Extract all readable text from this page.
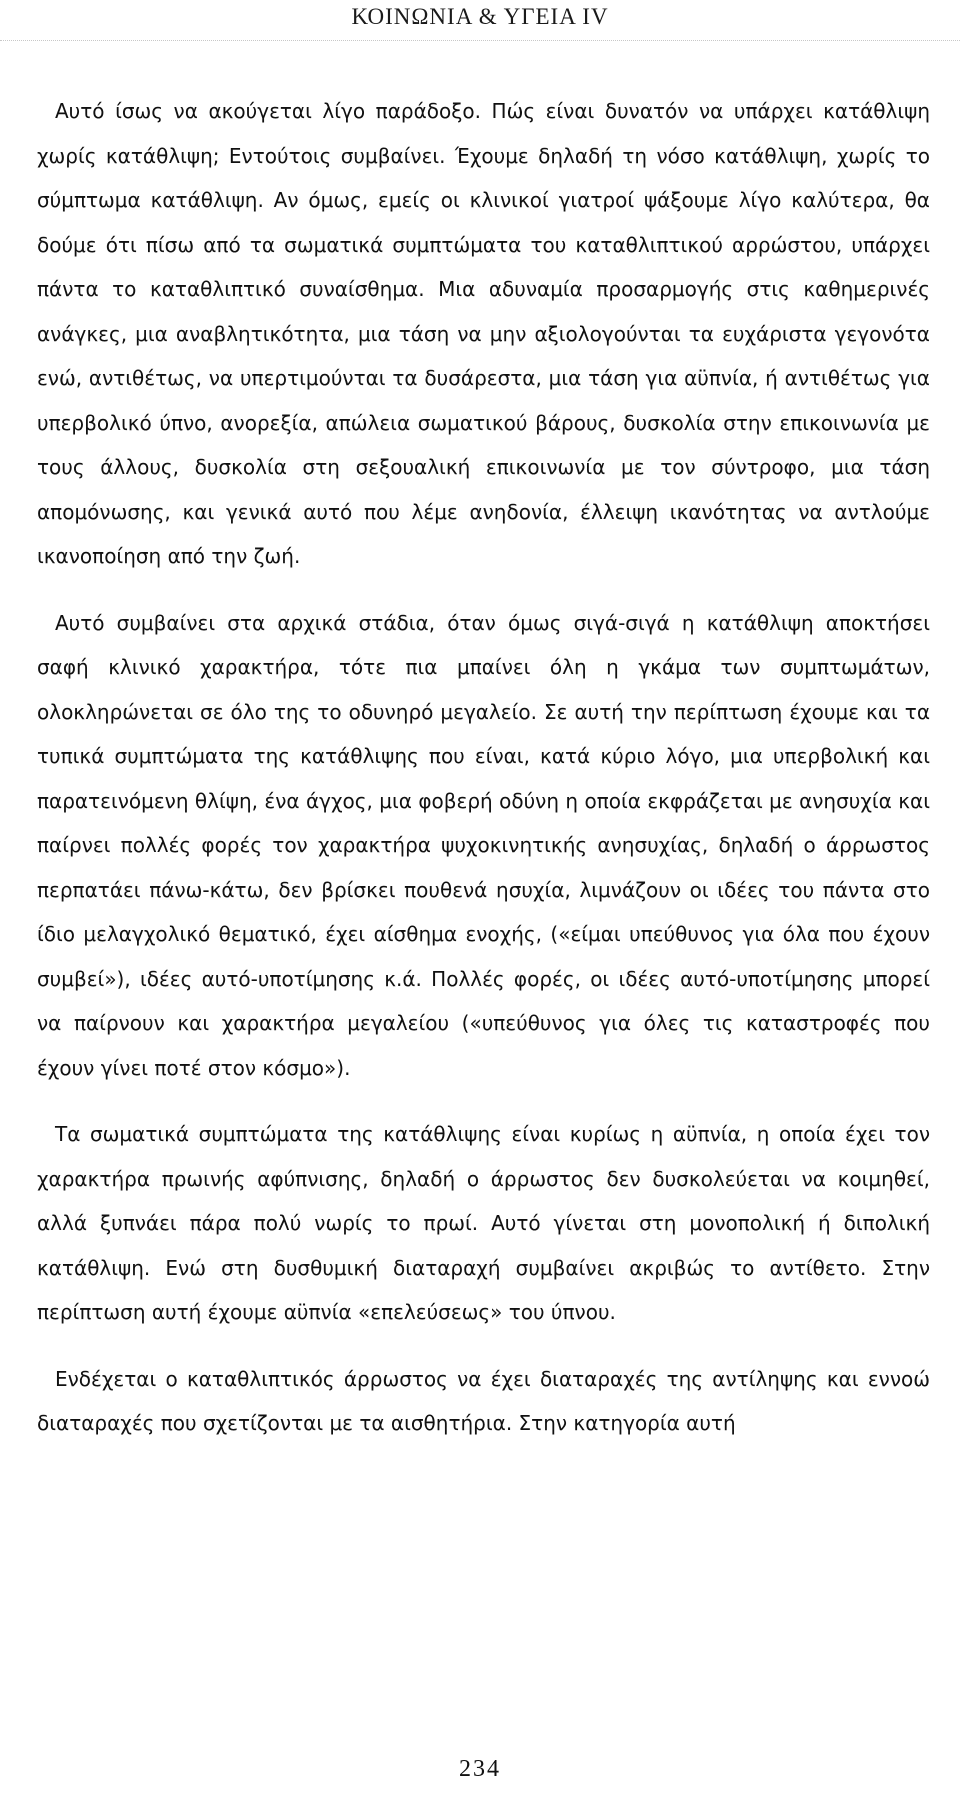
ΚΟΙΝΩΝΙΑ & ΥΓΕΙΑ IV

Αυτό ίσως να ακούγεται λίγο παράδοξο. Πώς είναι δυνατόν να υπάρχει κατάθλιψη χωρίς κατάθλιψη; Εντούτοις συμβαίνει. Έχουμε δηλαδή τη νόσο κατάθλιψη, χωρίς το σύμπτωμα κατάθλιψη. Αν όμως, εμείς οι κλινικοί γιατροί ψάξουμε λίγο καλύτερα, θα δούμε ότι πίσω από τα σωματικά συμπτώματα του καταθλιπτικού αρρώστου, υπάρχει πάντα το καταθλιπτικό συναίσθημα. Μια αδυναμία προσαρμογής στις καθημερινές ανάγκες, μια αναβλητικότητα, μια τάση να μην αξιολογούνται τα ευχάριστα γεγονότα ενώ, αντιθέτως, να υπερτιμούνται τα δυσάρεστα, μια τάση για αϋπνία, ή αντιθέτως για υπερβολικό ύπνο, ανορεξία, απώλεια σωματικού βάρους, δυσκολία στην επικοινωνία με τους άλλους, δυσκολία στη σεξουαλική επικοινωνία με τον σύντροφο, μια τάση απομόνωσης, και γενικά αυτό που λέμε ανηδονία, έλλειψη ικανότητας να αντλούμε ικανοποίηση από την ζωή.

Αυτό συμβαίνει στα αρχικά στάδια, όταν όμως σιγά-σιγά η κατάθλιψη αποκτήσει σαφή κλινικό χαρακτήρα, τότε πια μπαίνει όλη η γκάμα των συμπτωμάτων, ολοκληρώνεται σε όλο της το οδυνηρό μεγαλείο. Σε αυτή την περίπτωση έχουμε και τα τυπικά συμπτώματα της κατάθλιψης που είναι, κατά κύριο λόγο, μια υπερβολική και παρατεινόμενη θλίψη, ένα άγχος, μια φοβερή οδύνη η οποία εκφράζεται με ανησυχία και παίρνει πολλές φορές τον χαρακτήρα ψυχοκινητικής ανησυχίας, δηλαδή ο άρρωστος περπατάει πάνω-κάτω, δεν βρίσκει πουθενά ησυχία, λιμνάζουν οι ιδέες του πάντα στο ίδιο μελαγχολικό θεματικό, έχει αίσθημα ενοχής, («είμαι υπεύθυνος για όλα που έχουν συμβεί»), ιδέες αυτό-υποτίμησης κ.ά. Πολλές φορές, οι ιδέες αυτό-υποτίμησης μπορεί να παίρνουν και χαρακτήρα μεγαλείου («υπεύθυνος για όλες τις καταστροφές που έχουν γίνει ποτέ στον κόσμο»).

Τα σωματικά συμπτώματα της κατάθλιψης είναι κυρίως η αϋπνία, η οποία έχει τον χαρακτήρα πρωινής αφύπνισης, δηλαδή ο άρρωστος δεν δυσκολεύεται να κοιμηθεί, αλλά ξυπνάει πάρα πολύ νωρίς το πρωί. Αυτό γίνεται στη μονοπολική ή διπολική κατάθλιψη. Ενώ στη δυσθυμική διαταραχή συμβαίνει ακριβώς το αντίθετο. Στην περίπτωση αυτή έχουμε αϋπνία «επελεύσεως» του ύπνου.

Ενδέχεται ο καταθλιπτικός άρρωστος να έχει διαταραχές της αντίληψης και εννοώ διαταραχές που σχετίζονται με τα αισθητήρια. Στην κατηγορία αυτή

234
